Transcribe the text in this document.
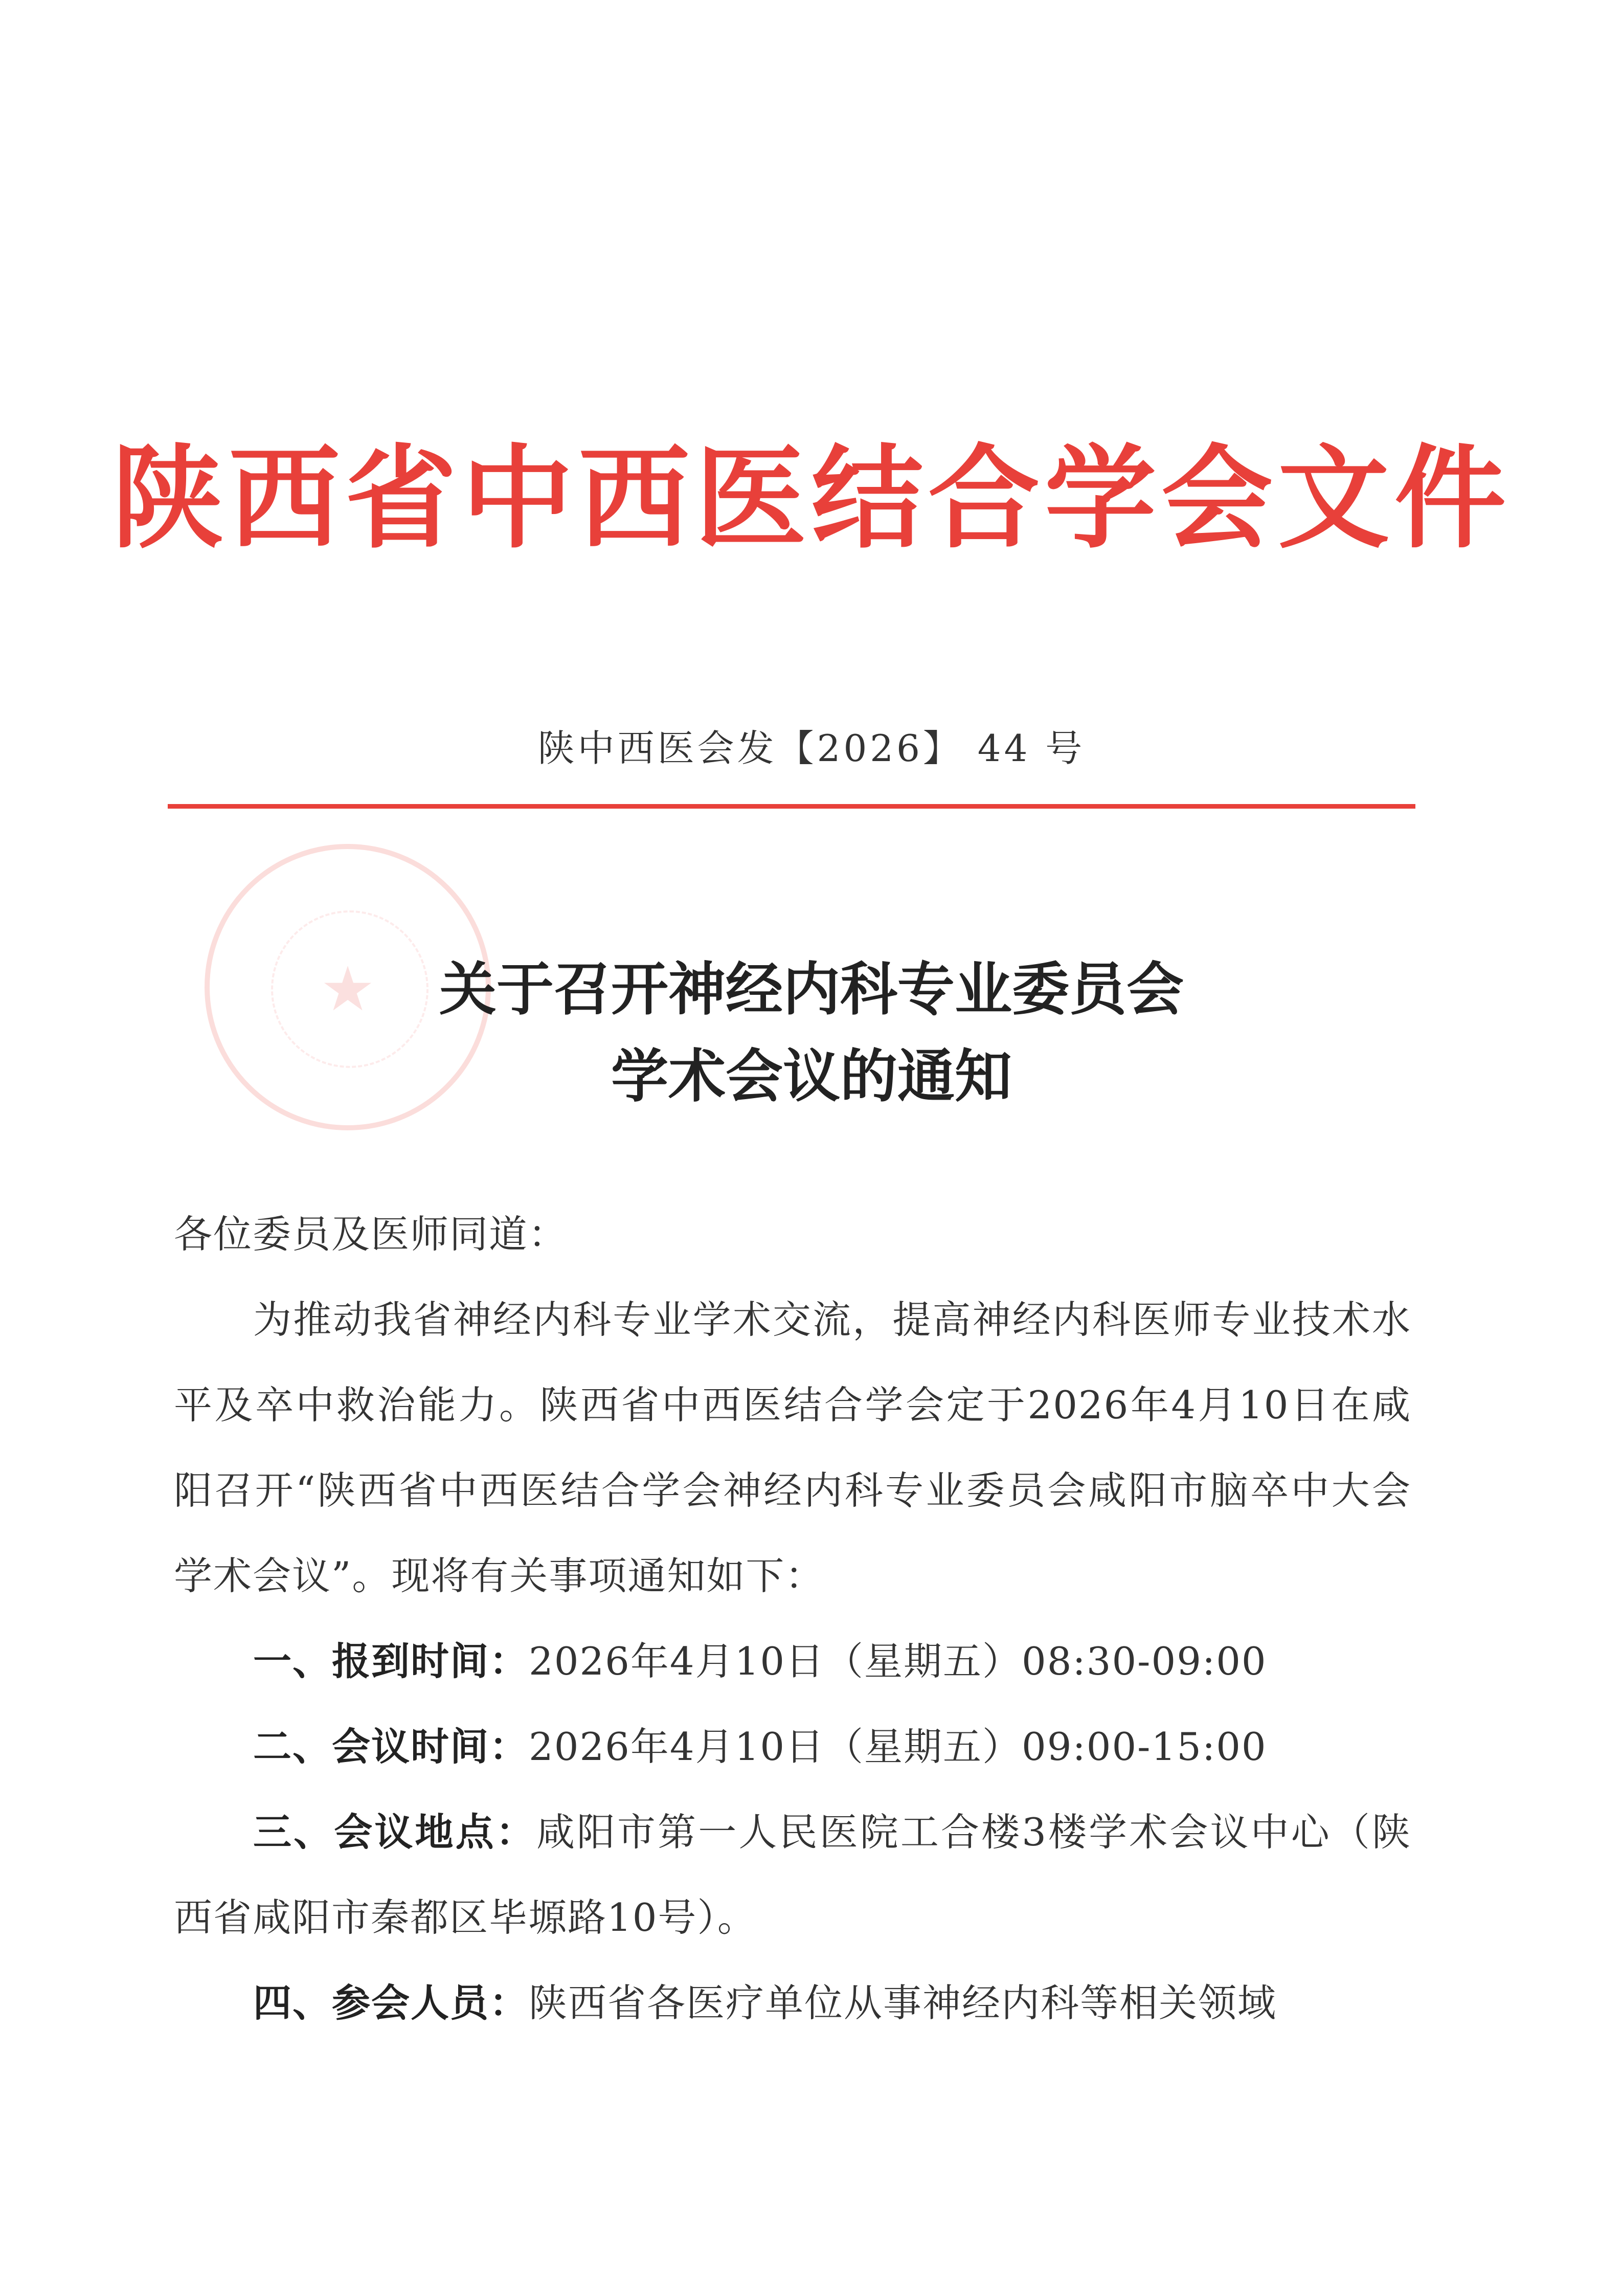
陕西省中西医结合学会文件
陕中西医会发【2026】 44 号
★	关于召开神经内科专业委员会
学术会议的通知

各位委员及医师同道：

为推动我省神经内科专业学术交流，提高神经内科医师专业技术水平及卒中救治能力。陕西省中西医结合学会定于2026年4月10日在咸阳召开“陕西省中西医结合学会神经内科专业委员会咸阳市脑卒中大会学术会议”。现将有关事项通知如下：

一、报到时间：2026年4月10日（星期五）08:30-09:00

二、会议时间：2026年4月10日（星期五）09:00-15:00

三、会议地点：咸阳市第一人民医院工合楼3楼学术会议中心（陕西省咸阳市秦都区毕塬路10号）。

四、参会人员：陕西省各医疗单位从事神经内科等相关领域
